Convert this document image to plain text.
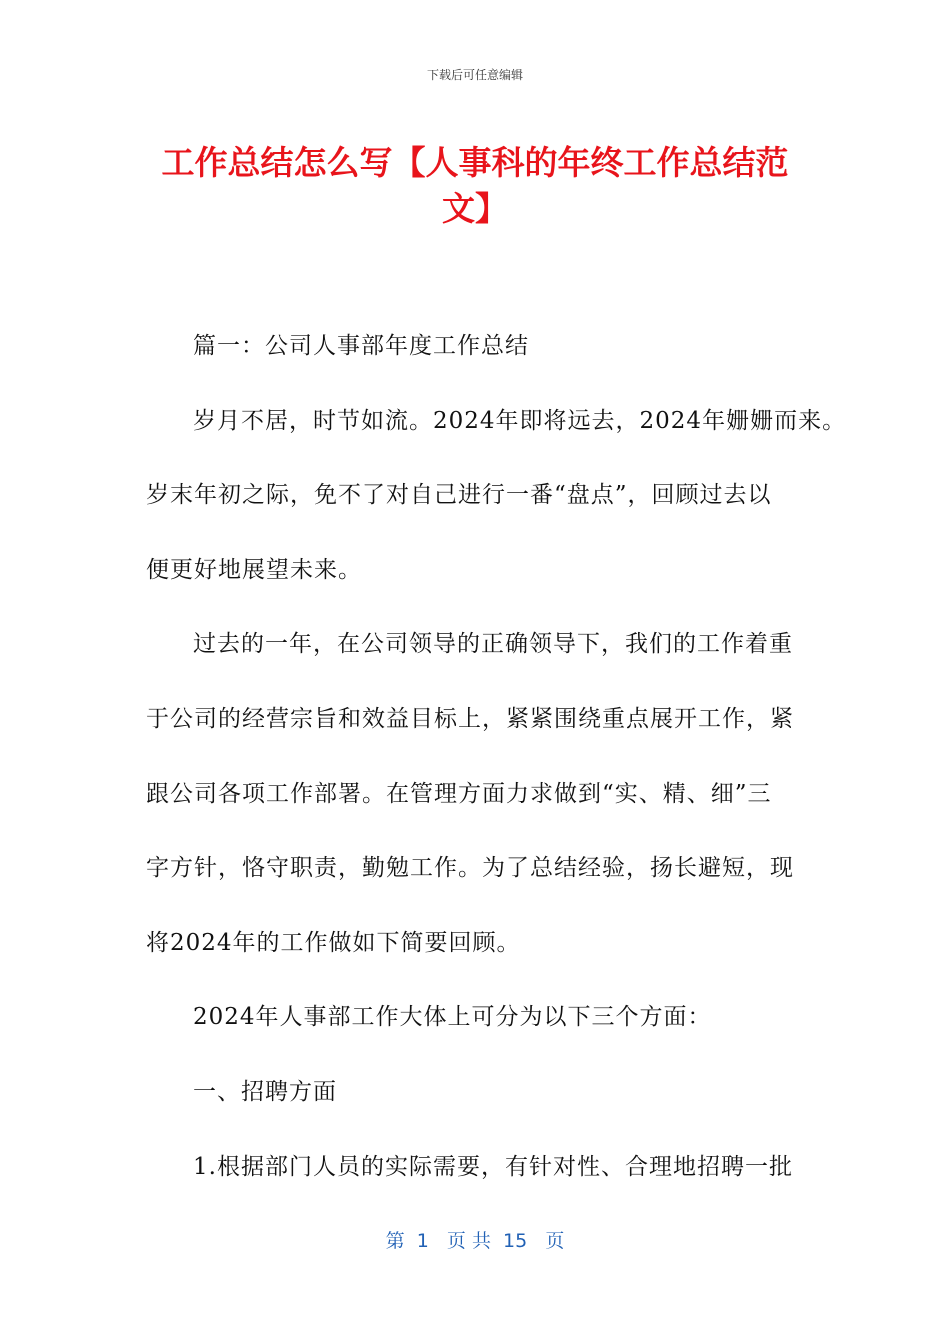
下载后可任意编辑
工作总结怎么写【人事科的年终工作总结范
文】
篇一：公司人事部年度工作总结
岁月不居，时节如流。2024年即将远去，2024年姗姗而来。
岁末年初之际，免不了对自己进行一番“盘点”，回顾过去以
便更好地展望未来。
过去的一年，在公司领导的正确领导下，我们的工作着重
于公司的经营宗旨和效益目标上，紧紧围绕重点展开工作，紧
跟公司各项工作部署。在管理方面力求做到“实、精、细”三
字方针，恪守职责，勤勉工作。为了总结经验，扬长避短，现
将2024年的工作做如下简要回顾。
2024年人事部工作大体上可分为以下三个方面：
一、招聘方面
1.根据部门人员的实际需要，有针对性、合理地招聘一批
第  1   页 共  15   页
